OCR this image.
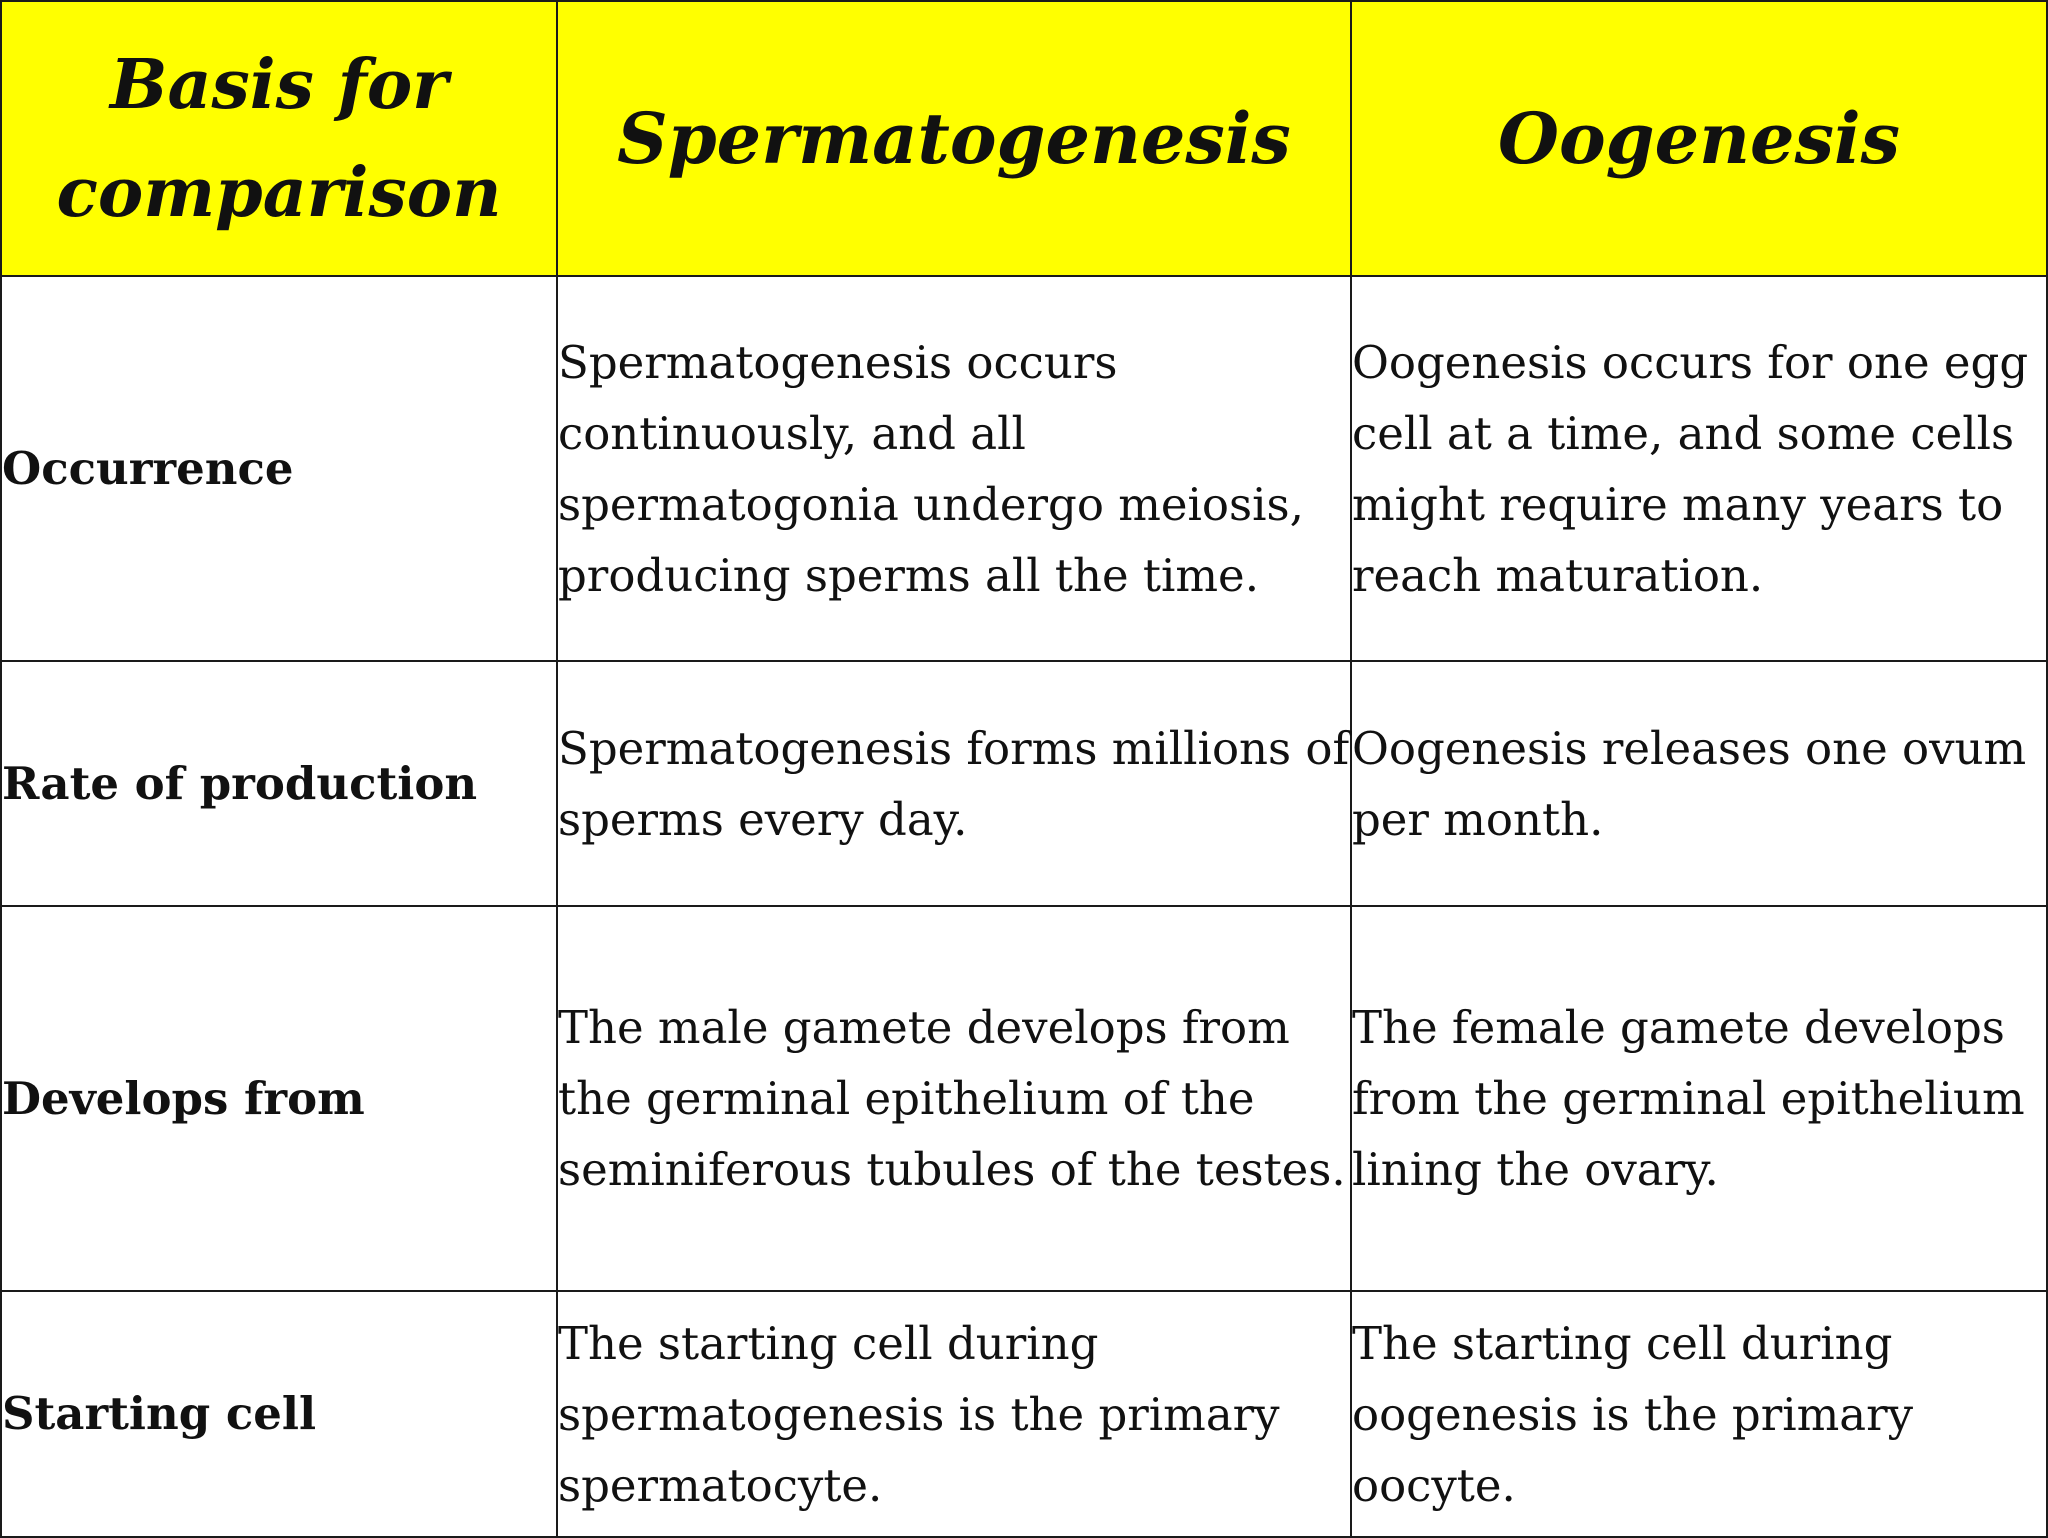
Basis for comparison	Spermatogenesis	Oogenesis
Occurrence	Spermatogenesis occurs continuously, and all spermatogonia undergo meiosis, producing sperms all the time.	Oogenesis occurs for one egg cell at a time, and some cells might require many years to reach maturation.
Rate of production	Spermatogenesis forms millions of sperms every day.	Oogenesis releases one ovum per month.
Develops from	The male gamete develops from the germinal epithelium of the seminiferous tubules of the testes.	The female gamete develops from the germinal epithelium lining the ovary.
Starting cell	The starting cell during spermatogenesis is the primary spermatocyte.	The starting cell during oogenesis is the primary oocyte.
